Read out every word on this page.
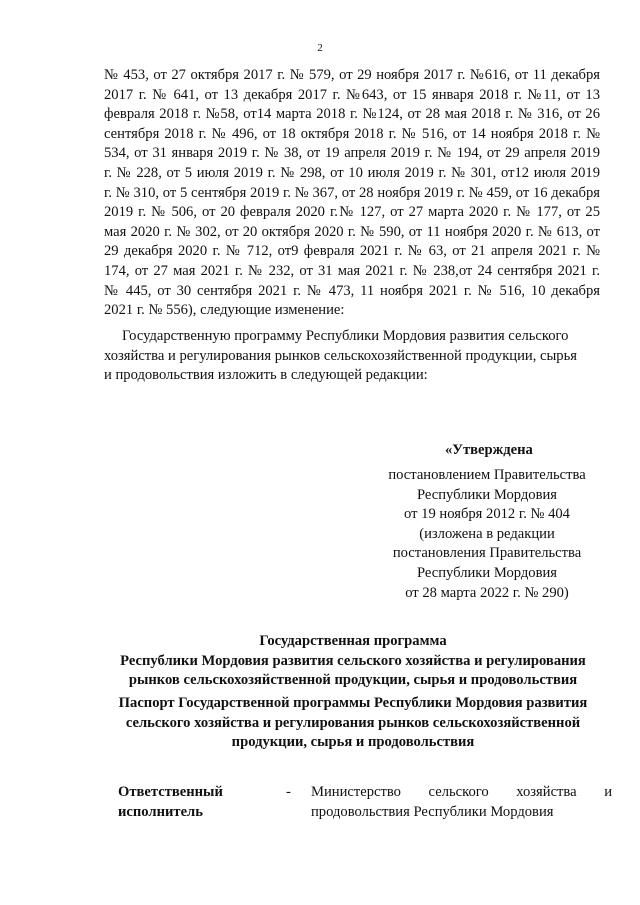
2
№ 453, от 27 октября 2017 г. № 579, от 29 ноября 2017 г. №616, от 11 декабря
2017 г. № 641, от 13 декабря 2017 г. №643, от 15 января 2018 г. №11, от 13
февраля 2018 г. №58, от14 марта 2018 г. №124, от 28 мая 2018 г. № 316, от 26
сентября 2018 г. № 496, от 18 октября 2018 г. № 516, от 14 ноября 2018 г. №
534, от 31 января 2019 г. № 38, от 19 апреля 2019 г. № 194, от 29 апреля 2019
г. № 228, от 5 июля 2019 г. № 298, от 10 июля 2019 г. № 301, от12 июля 2019
г. № 310, от 5 сентября 2019 г. № 367, от 28 ноября 2019 г. № 459, от 16 декабря
2019 г. № 506, от 20 февраля 2020 г.№ 127, от 27 марта 2020 г. № 177, от 25
мая 2020 г. № 302, от 20 октября 2020 г. № 590, от 11 ноября 2020 г. № 613, от
29 декабря 2020 г. № 712, от9 февраля 2021 г. № 63, от 21 апреля 2021 г. №
174, от 27 мая 2021 г. № 232, от 31 мая 2021 г. № 238,от 24 сентября 2021 г.
№ 445, от 30 сентября 2021 г. № 473, 11 ноября 2021 г. № 516, 10 декабря
2021 г. № 556), следующие изменение:
Государственную программу Республики Мордовия развития сельского
хозяйства и регулирования рынков сельскохозяйственной продукции, сырья
и продовольствия изложить в следующей редакции:
«Утверждена
постановлением Правительства
Республики Мордовия
от 19 ноября 2012 г. № 404
(изложена в редакции
постановления Правительства
Республики Мордовия
от 28 марта 2022 г. № 290)
Государственная программа
Республики Мордовия развития сельского хозяйства и регулирования
рынков сельскохозяйственной продукции, сырья и продовольствия
Паспорт Государственной программы Республики Мордовия развития
сельского хозяйства и регулирования рынков сельскохозяйственной
продукции, сырья и продовольствия
Ответственный
исполнитель
- Министерство сельского хозяйства и
продовольствия Республики Мордовия
